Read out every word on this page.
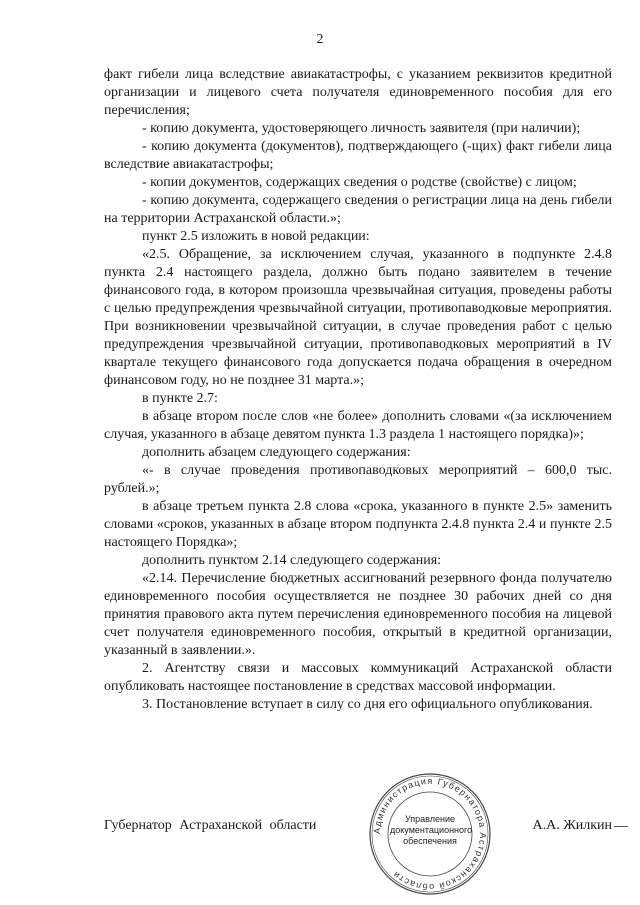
2

факт гибели лица вследствие авиакатастрофы, с указанием реквизитов кредитной организации и лицевого счета получателя единовременного пособия для его перечисления;

- копию документа, удостоверяющего личность заявителя (при наличии);

- копию документа (документов), подтверждающего (-щих) факт гибели лица вследствие авиакатастрофы;

- копии документов, содержащих сведения о родстве (свойстве) с лицом;

- копию документа, содержащего сведения о регистрации лица на день гибели на территории Астраханской области.»;

пункт 2.5 изложить в новой редакции:

«2.5. Обращение, за исключением случая, указанного в подпункте 2.4.8 пункта 2.4 настоящего раздела, должно быть подано заявителем в течение финансового года, в котором произошла чрезвычайная ситуация, проведены работы с целью предупреждения чрезвычайной ситуации, противопаводковые мероприятия. При возникновении чрезвычайной ситуации, в случае проведения работ с целью предупреждения чрезвычайной ситуации, противопаводковых мероприятий в IV квартале текущего финансового года допускается подача обращения в очередном финансовом году, но не позднее 31 марта.»;

в пункте 2.7:

в абзаце втором после слов «не более» дополнить словами «(за исключением случая, указанного в абзаце девятом пункта 1.3 раздела 1 настоящего порядка)»;

дополнить абзацем следующего содержания:

«- в случае проведения противопаводковых мероприятий – 600,0 тыс. рублей.»;

в абзаце третьем пункта 2.8 слова «срока, указанного в пункте 2.5» заменить словами «сроков, указанных в абзаце втором подпункта 2.4.8 пункта 2.4 и пункте 2.5 настоящего Порядка»;

дополнить пунктом 2.14 следующего содержания:

«2.14. Перечисление бюджетных ассигнований резервного фонда получателю единовременного пособия осуществляется не позднее 30 рабочих дней со дня принятия правового акта путем перечисления единовременного пособия на лицевой счет получателя единовременного пособия, открытый в кредитной организации, указанный в заявлении.».

2. Агентству связи и массовых коммуникаций Астраханской области опубликовать настоящее постановление в средствах массовой информации.

3. Постановление вступает в силу со дня его официального опубликования.

Губернатор Астраханской области	А.А. Жилкин
Администрация Губернатора Астраханской области
Управление
документационного
обеспечения
